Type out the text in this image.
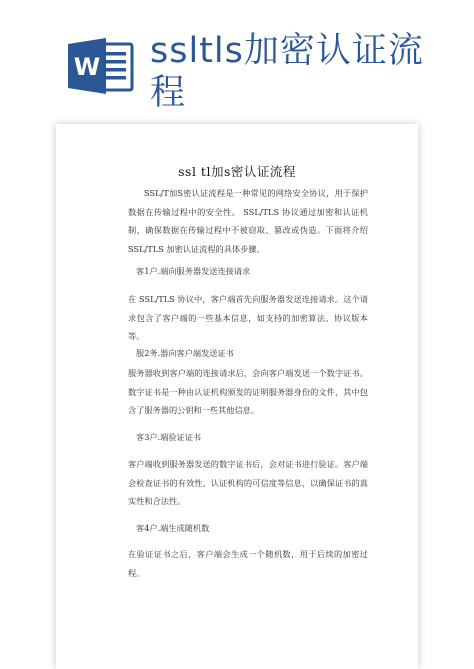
W ssltls加密认证流程
ssl tl加s密认证流程
SSL/T加S密认证流程是一种常见的网络安全协议，用于保护数据在传输过程中的安全性。 SSL/TLS 协议通过加密和认证机制，确保数据在传输过程中不被窃取、篡改或伪造。下面将介绍 SSL/TLS 加密认证流程的具体步骤。
客1户.端向服务器发送连接请求
在 SSL/TLS 协议中，客户端首先向服务器发送连接请求。这个请求包含了客户端的一些基本信息，如支持的加密算法、协议版本等。
服2务.器向客户端发送证书
服务器收到客户端的连接请求后，会向客户端发送一个数字证书。数字证书是一种由认证机构颁发的证明服务器身份的文件，其中包含了服务器的公钥和一些其他信息。
客3户.端验证证书
客户端收到服务器发送的数字证书后，会对证书进行验证。客户端会检查证书的有效性、认证机构的可信度等信息，以确保证书的真实性和合法性。
客4户.端生成随机数
在验证证书之后，客户端会生成一个随机数，用于后续的加密过程。
